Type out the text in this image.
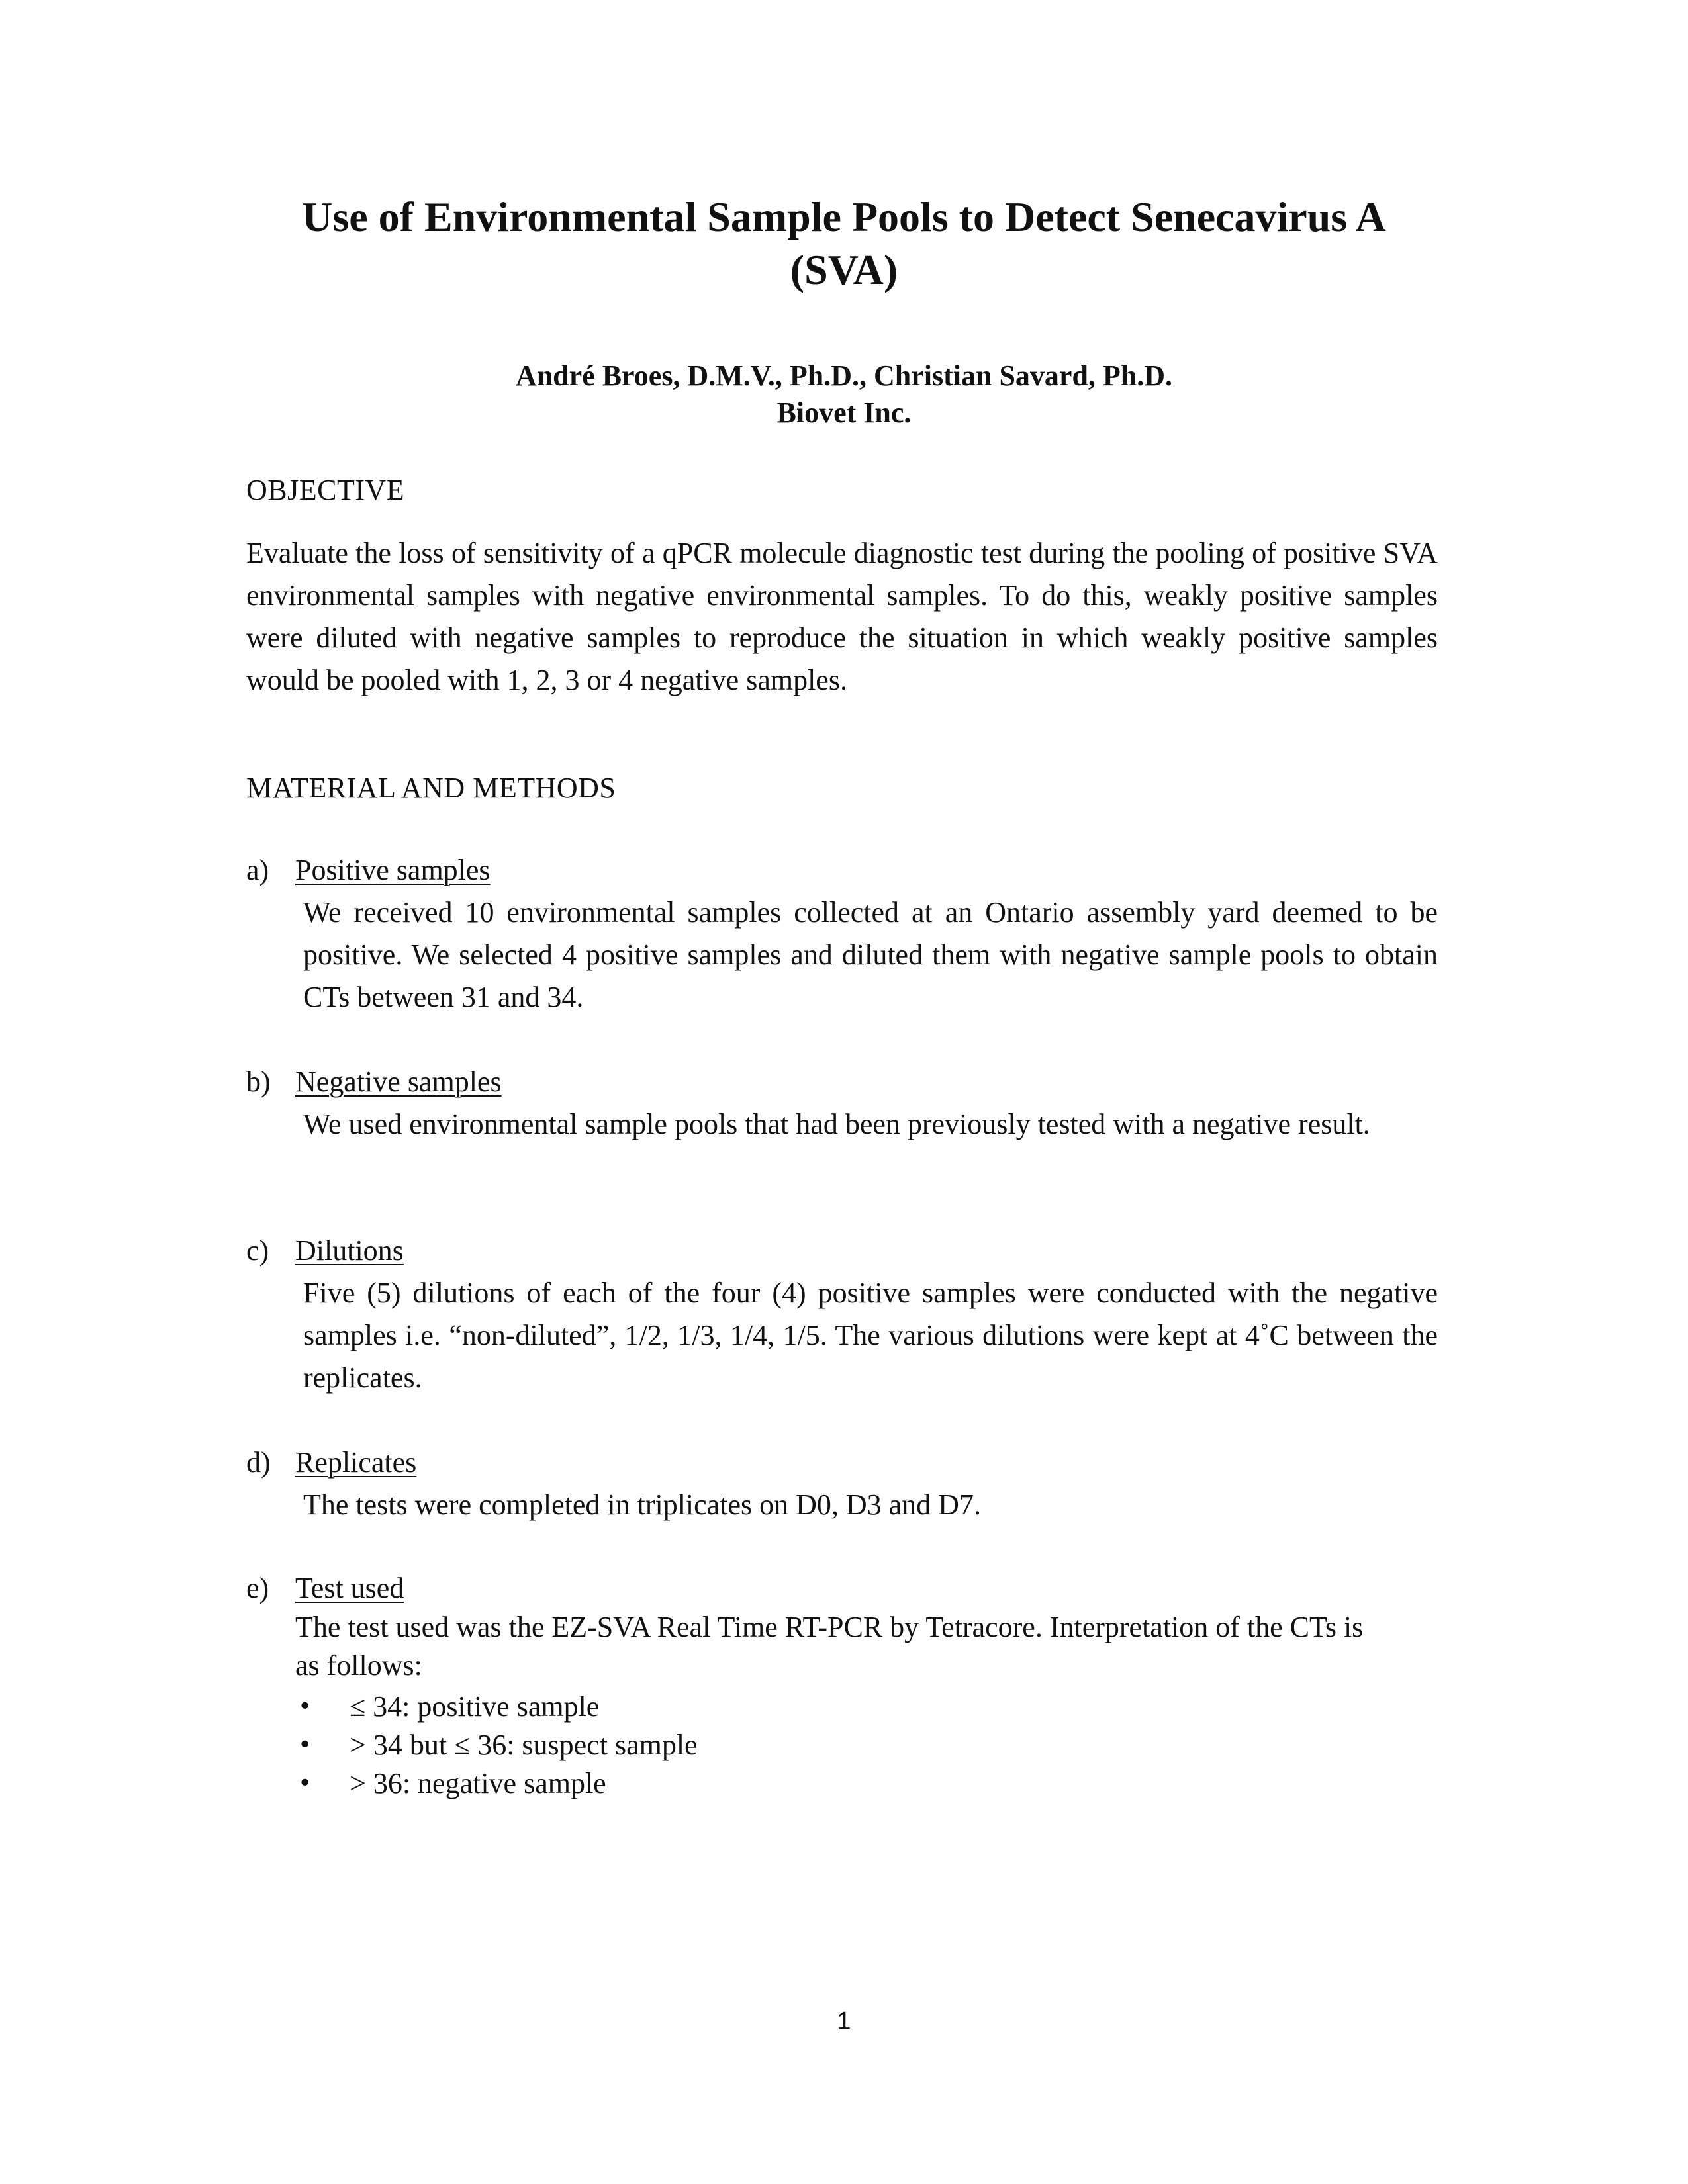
Use of Environmental Sample Pools to Detect Senecavirus A
(SVA)
André Broes, D.M.V., Ph.D., Christian Savard, Ph.D.
Biovet Inc.
OBJECTIVE

Evaluate the loss of sensitivity of a qPCR molecule diagnostic test during the pooling of positive SVA environmental samples with negative environmental samples. To do this, weakly positive samples were diluted with negative samples to reproduce the situation in which weakly positive samples would be pooled with 1, 2, 3 or 4 negative samples.

MATERIAL AND METHODS
a) Positive samples

We received 10 environmental samples collected at an Ontario assembly yard deemed to be positive. We selected 4 positive samples and diluted them with negative sample pools to obtain CTs between 31 and 34.

b) Negative samples

We used environmental sample pools that had been previously tested with a negative result.

c) Dilutions

Five (5) dilutions of each of the four (4) positive samples were conducted with the negative samples i.e. “non-diluted”, 1/2, 1/3, 1/4, 1/5. The various dilutions were kept at 4˚C between the replicates.

d) Replicates

The tests were completed in triplicates on D0, D3 and D7.

e) Test used

The test used was the EZ-SVA Real Time RT-PCR by Tetracore. Interpretation of the CTs is as follows:

• ≤ 34: positive sample
• > 34 but ≤ 36: suspect sample
• > 36: negative sample
1
